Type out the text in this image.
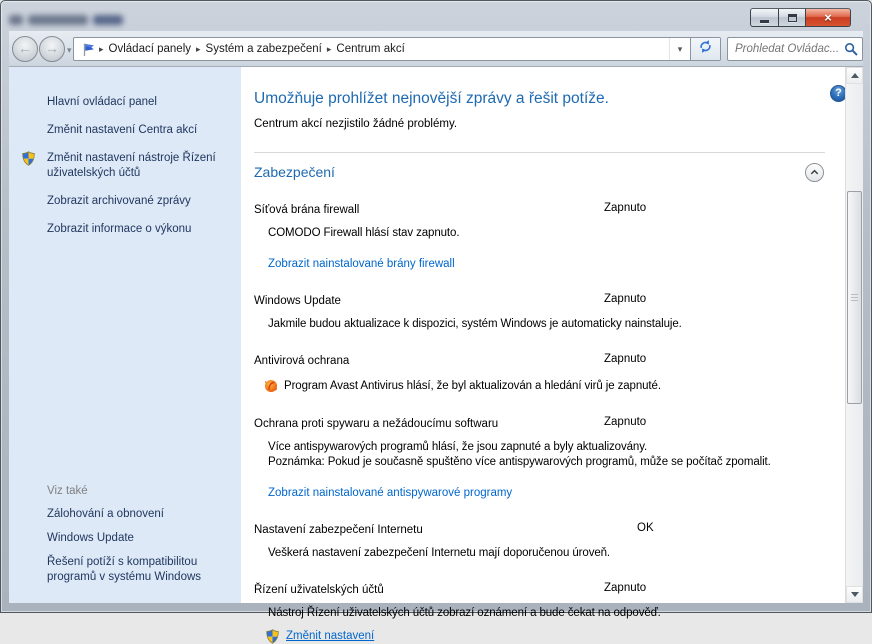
×
← → ▾	▸ Ovládací panely ▸ Systém a zabezpečení ▸ Centrum akcí	▾
Prohledat Ovládac...
Hlavní ovládací panel
Změnit nastavení Centra akcí
Změnit nastavení nástroje Řízení uživatelských účtů
Zobrazit archivované zprávy
Zobrazit informace o výkonu
Viz také
Zálohování a obnovení
Windows Update
Řešení potíží s kompatibilitou programů v systému Windows
Umožňuje prohlížet nejnovější zprávy a řešit potíže.
Centrum akcí nezjistilo žádné problémy.
Zabezpečení
Síťová brána firewall	Zapnuto
COMODO Firewall hlásí stav zapnuto.
Zobrazit nainstalované brány firewall
Windows Update	Zapnuto
Jakmile budou aktualizace k dispozici, systém Windows je automaticky nainstaluje.
Antivirová ochrana	Zapnuto
Program Avast Antivirus hlásí, že byl aktualizován a hledání virů je zapnuté.
Ochrana proti spywaru a nežádoucímu softwaru	Zapnuto
Více antispywarových programů hlásí, že jsou zapnuté a byly aktualizovány.
Poznámka: Pokud je současně spuštěno více antispywarových programů, může se počítač zpomalit.
Zobrazit nainstalované antispywarové programy
Nastavení zabezpečení Internetu	OK
Veškerá nastavení zabezpečení Internetu mají doporučenou úroveň.
Řízení uživatelských účtů	Zapnuto
Nástroj Řízení uživatelských účtů zobrazí oznámení a bude čekat na odpověď.
Změnit nastavení
?
